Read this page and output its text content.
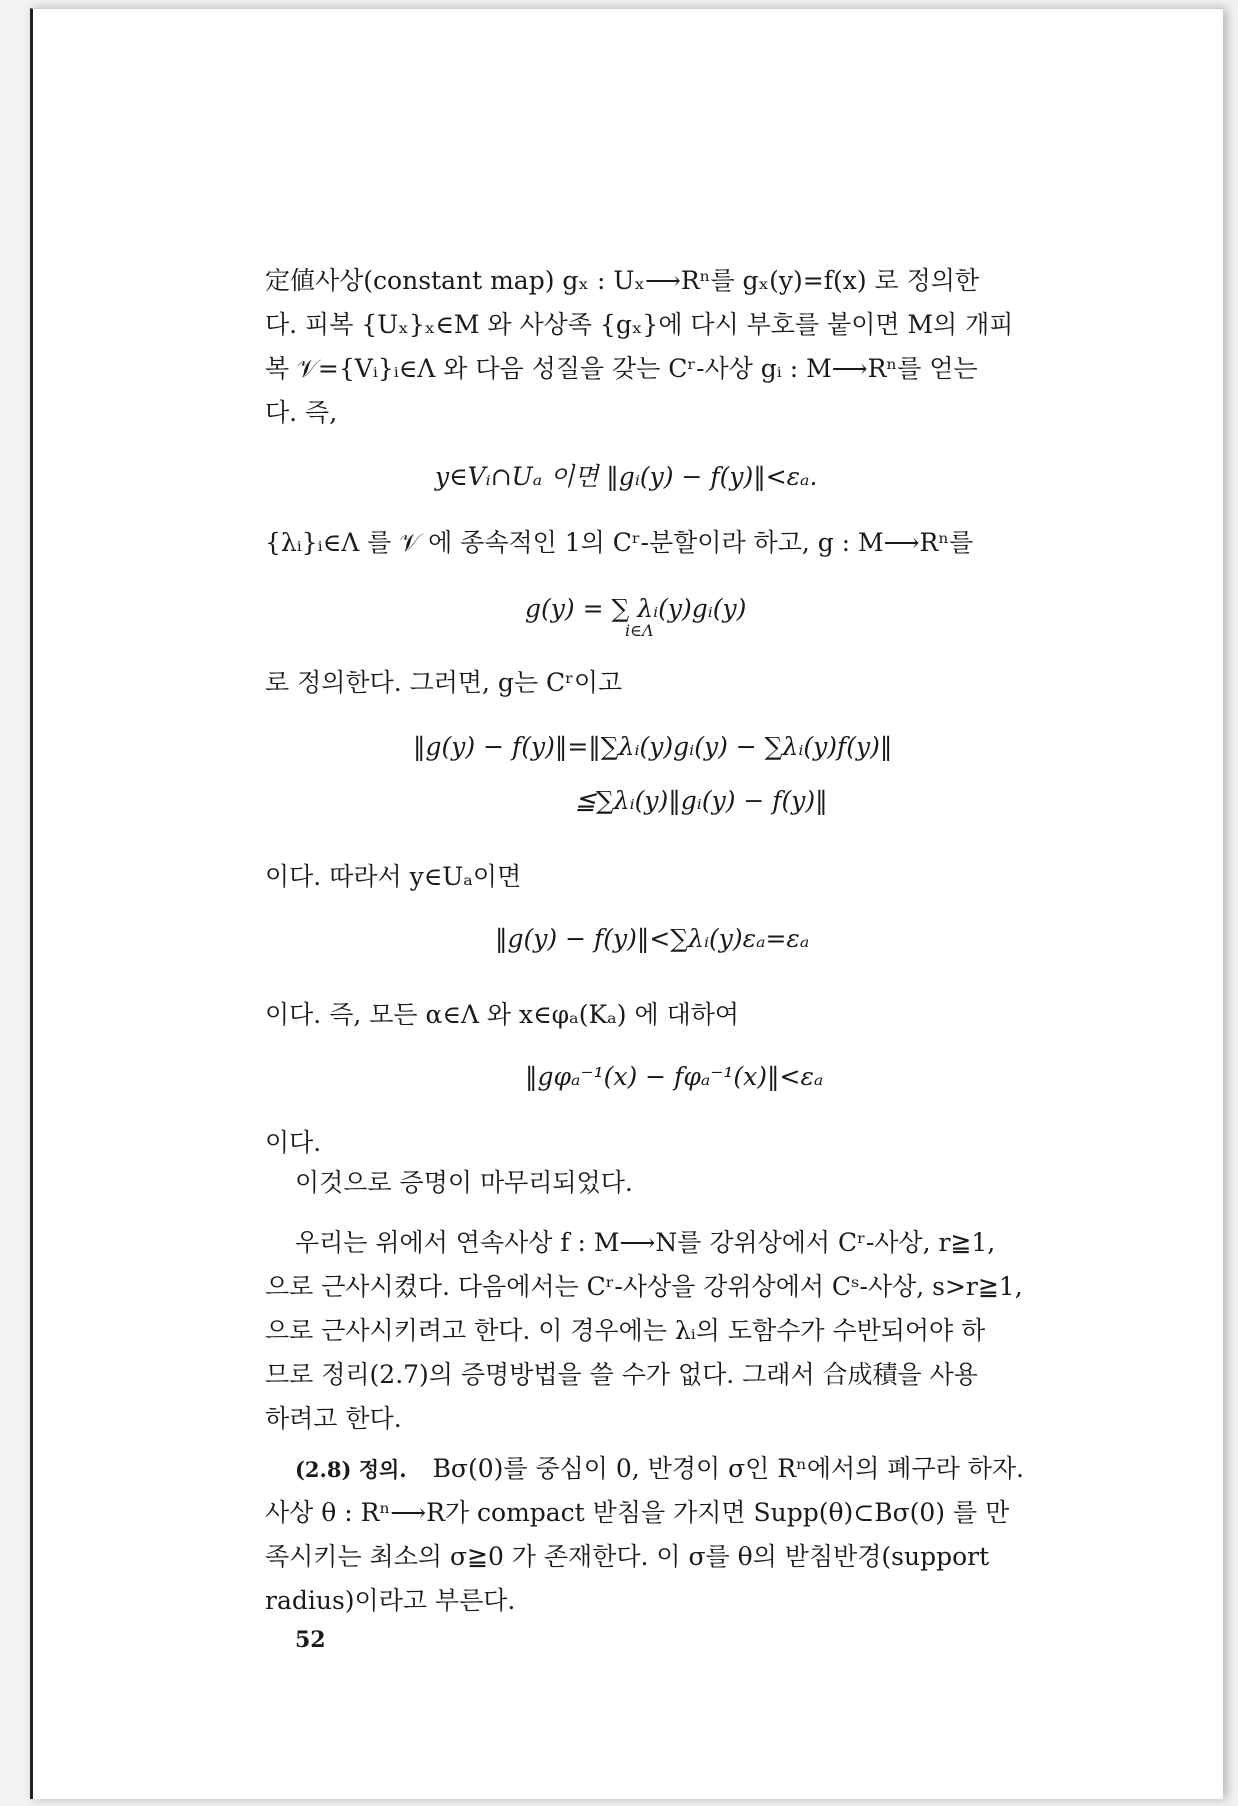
定値사상(constant map) gₓ : Uₓ⟶Rⁿ를 gₓ(y)=f(x) 로 정의한
다. 피복 {Uₓ}ₓ∈M 와 사상족 {gₓ}에 다시 부호를 붙이면 M의 개피
복 𝒱={Vᵢ}ᵢ∈Λ 와 다음 성질을 갖는 Cʳ-사상 gᵢ : M⟶Rⁿ를 얻는
다. 즉,
y∈Vᵢ∩Uₐ 이면 ‖gᵢ(y) − f(y)‖<εₐ.
{λᵢ}ᵢ∈Λ 를 𝒱 에 종속적인 1의 Cʳ-분할이라 하고, g : M⟶Rⁿ를
g(y) = ∑ λᵢ(y)gᵢ(y)
i∈Λ
로 정의한다. 그러면, g는 Cʳ이고
‖g(y) − f(y)‖=‖∑λᵢ(y)gᵢ(y) − ∑λᵢ(y)f(y)‖
≦∑λᵢ(y)‖gᵢ(y) − f(y)‖
이다. 따라서 y∈Uₐ이면
‖g(y) − f(y)‖<∑λᵢ(y)εₐ=εₐ
이다. 즉, 모든 α∈Λ 와 x∈φₐ(Kₐ) 에 대하여
‖gφₐ⁻¹(x) − fφₐ⁻¹(x)‖<εₐ
이다.
이것으로 증명이 마무리되었다.
우리는 위에서 연속사상 f : M⟶N를 강위상에서 Cʳ-사상, r≧1,
으로 근사시켰다. 다음에서는 Cʳ-사상을 강위상에서 Cˢ-사상, s>r≧1,
으로 근사시키려고 한다. 이 경우에는 λᵢ의 도함수가 수반되어야 하
므로 정리(2.7)의 증명방법을 쓸 수가 없다. 그래서 合成積을 사용
하려고 한다.
(2.8) 정의. Bσ(0)를 중심이 0, 반경이 σ인 Rⁿ에서의 폐구라 하자.
사상 θ : Rⁿ⟶R가 compact 받침을 가지면 Supp(θ)⊂Bσ(0) 를 만
족시키는 최소의 σ≧0 가 존재한다. 이 σ를 θ의 받침반경(support
radius)이라고 부른다.
52
